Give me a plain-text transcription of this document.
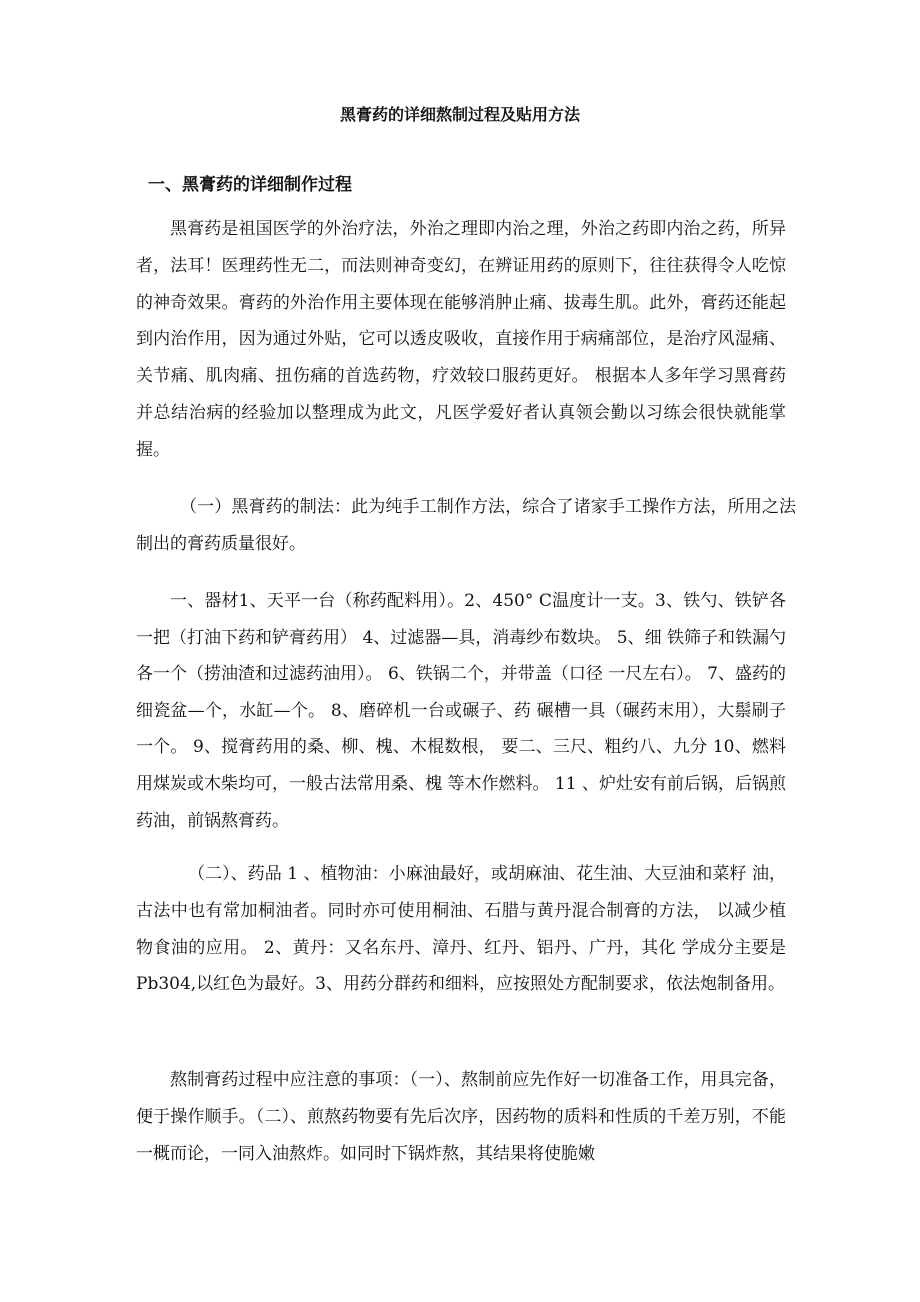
黑膏药的详细熬制过程及贴用方法
一、黑膏药的详细制作过程

黑膏药是祖国医学的外治疗法，外治之理即内治之理，外治之药即内治之药，所异者，法耳！医理药性无二，而法则神奇变幻，在辨证用药的原则下，往往获得令人吃惊的神奇效果。膏药的外治作用主要体现在能够消肿止痛、拔毒生肌。此外，膏药还能起到内治作用，因为通过外贴，它可以透皮吸收，直接作用于病痛部位，是治疗风湿痛、关节痛、肌肉痛、扭伤痛的首选药物，疗效较口服药更好。 根据本人多年学习黑膏药并总结治病的经验加以整理成为此文，凡医学爱好者认真领会勤以习练会很快就能掌握。

（一）黑膏药的制法：此为纯手工制作方法，综合了诸家手工操作方法，所用之法制出的膏药质量很好。

一、器材1、天平一台（称药配料用）。2、450° C温度计一支。3、铁勺、铁铲各一把（打油下药和铲膏药用） 4、过滤器—具，消毒纱布数块。 5、细 铁筛子和铁漏勺各一个（捞油渣和过滤药油用）。 6、铁锅二个，并带盖（口径 一尺左右）。 7、盛药的细瓷盆—个，水缸—个。 8、磨碎机一台或碾子、药 碾槽一具（碾药末用），大鬃刷子一个。 9、搅膏药用的桑、柳、槐、木棍数根， 要二、三尺、粗约八、九分 10、燃料用煤炭或木柴均可，一般古法常用桑、槐 等木作燃料。 11 、炉灶安有前后锅，后锅煎药油，前锅熬膏药。

（二）、药品 1 、植物油：小麻油最好，或胡麻油、花生油、大豆油和菜籽 油，古法中也有常加桐油者。同时亦可使用桐油、石腊与黄丹混合制膏的方法， 以减少植物食油的应用。 2、黄丹：又名东丹、漳丹、红丹、铝丹、广丹，其化 学成分主要是Pb304,以红色为最好。3、用药分群药和细料，应按照处方配制要求，依法炮制备用。

熬制膏药过程中应注意的事项：（一）、熬制前应先作好一切准备工作，用具完备，便于操作顺手。（二）、煎熬药物要有先后次序，因药物的质料和性质的千差万别，不能一概而论，一同入油熬炸。如同时下锅炸熬，其结果将使脆嫩
